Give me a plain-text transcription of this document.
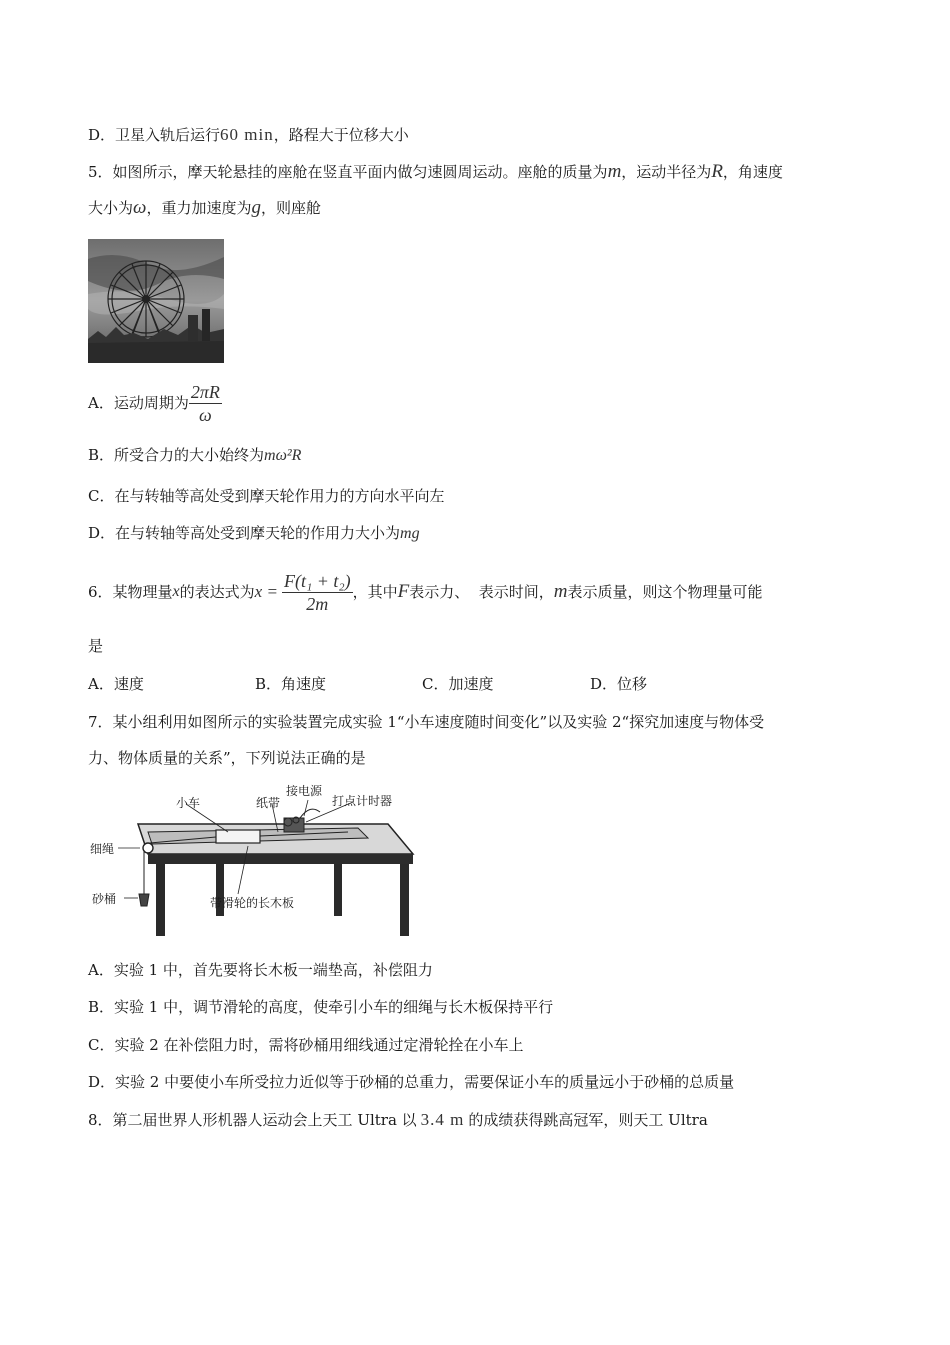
D．卫星入轨后运行60 min，路程大于位移大小
5．如图所示，摩天轮悬挂的座舱在竖直平面内做匀速圆周运动。座舱的质量为m，运动半径为R，角速度
大小为ω，重力加速度为g，则座舱
A．运动周期为 $\frac{2\pi R}{\omega}$
B．所受合力的大小始终为mω²R
C．在与转轴等高处受到摩天轮作用力的方向水平向左
D．在与转轴等高处受到摩天轮的作用力大小为mg
6．某物理量x的表达式为$x = \frac{\text{F(t₁ + t₂)}}{2m}$ ，其中F表示力、  表示时间，m表示质量，则这个物理量可能
是
A．速度	B．角速度	C．加速度	D．位移
7．某小组利用如图所示的实验装置完成实验 1“小车速度随时间变化”以及实验 2“探究加速度与物体受
力、物体质量的关系”，下列说法正确的是
小车	纸带
接电源
打点计时器
细绳
砂桶	带滑轮的长木板
A．实验 1 中，首先要将长木板一端垫高，补偿阻力
B．实验 1 中，调节滑轮的高度，使牵引小车的细绳与长木板保持平行
C．实验 2 在补偿阻力时，需将砂桶用细线通过定滑轮拴在小车上
D．实验 2 中要使小车所受拉力近似等于砂桶的总重力，需要保证小车的质量远小于砂桶的总质量
8．第二届世界人形机器人运动会上天工 Ultra 以 3.4 m 的成绩获得跳高冠军，则天工 Ultra
